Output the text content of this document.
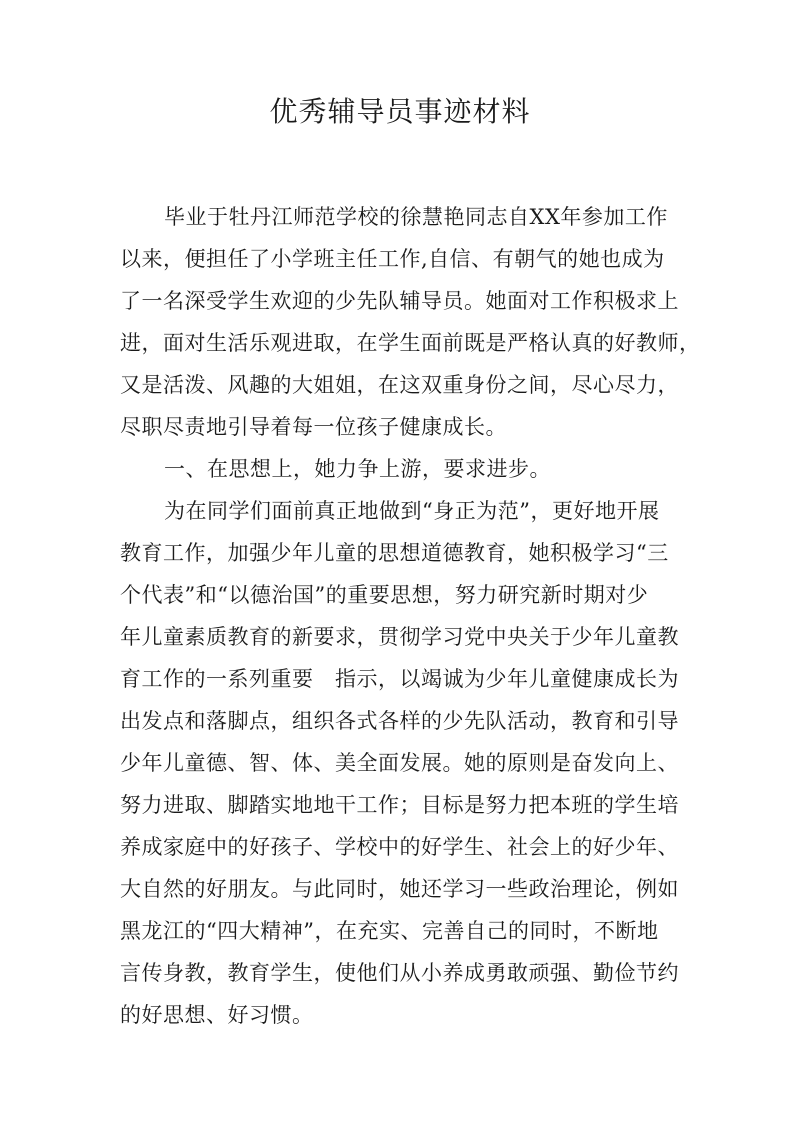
优秀辅导员事迹材料
毕业于牡丹江师范学校的徐慧艳同志自XX年参加工作
以来，便担任了小学班主任工作,自信、有朝气的她也成为
了一名深受学生欢迎的少先队辅导员。她面对工作积极求上
进，面对生活乐观进取，在学生面前既是严格认真的好教师，
又是活泼、风趣的大姐姐，在这双重身份之间，尽心尽力，
尽职尽责地引导着每一位孩子健康成长。
一、在思想上，她力争上游，要求进步。
为在同学们面前真正地做到“身正为范”，更好地开展
教育工作，加强少年儿童的思想道德教育，她积极学习“三
个代表”和“以德治国”的重要思想，努力研究新时期对少
年儿童素质教育的新要求，贯彻学习党中央关于少年儿童教
育工作的一系列重要   指示，以竭诚为少年儿童健康成长为
出发点和落脚点，组织各式各样的少先队活动，教育和引导
少年儿童德、智、体、美全面发展。她的原则是奋发向上、
努力进取、脚踏实地地干工作；目标是努力把本班的学生培
养成家庭中的好孩子、学校中的好学生、社会上的好少年、
大自然的好朋友。与此同时，她还学习一些政治理论，例如
黑龙江的“四大精神”，在充实、完善自己的同时，不断地
言传身教，教育学生，使他们从小养成勇敢顽强、勤俭节约
的好思想、好习惯。
